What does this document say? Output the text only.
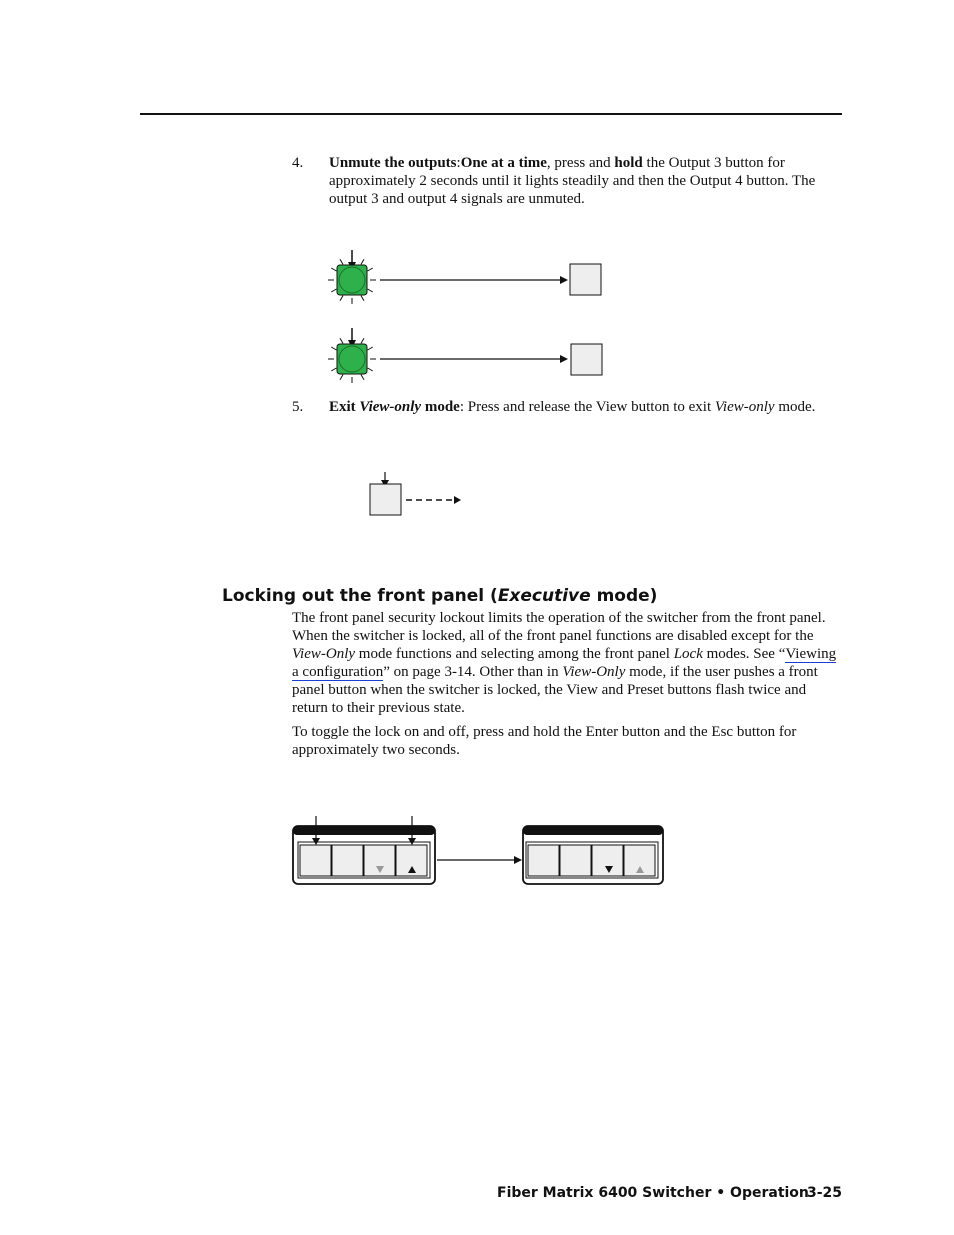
4.	Unmute the outputs:One at a time, press and hold the Output 3 button for approximately 2 seconds until it lights steadily and then the Output 4 button. The output 3 and output 4 signals are unmuted.
5.	Exit View-only mode: Press and release the View button to exit View-only mode.
Locking out the front panel (Executive mode)
The front panel security lockout limits the operation of the switcher from the front panel. When the switcher is locked, all of the front panel functions are disabled except for the View-Only mode functions and selecting among the front panel Lock modes. See “Viewing a configuration” on page 3-14. Other than in View-Only mode, if the user pushes a front panel button when the switcher is locked, the View and Preset buttons flash twice and return to their previous state.
To toggle the lock on and off, press and hold the Enter button and the Esc button for approximately two seconds.
Fiber Matrix 6400 Switcher • Operation
3-25
